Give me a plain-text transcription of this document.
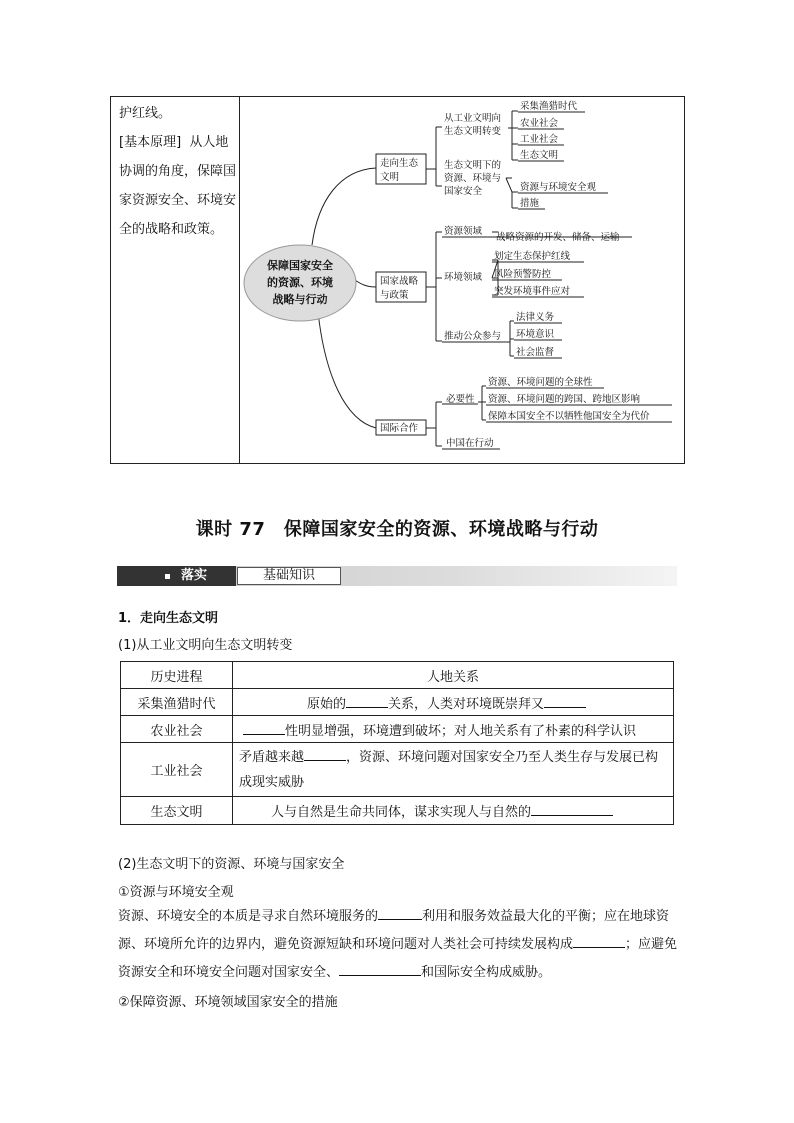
护红线。

[基本原理] 从人地协调的角度，保障国家资源安全、环境安全的战略和政策。

保障国家安全
的资源、环境
战略与行动
走向生态
文明
从工业文明向
生态文明转变
采集渔猎时代
农业社会
工业社会
生态文明
生态文明下的
资源、环境与
国家安全	资源与环境安全观
措施
国家战略
与政策
资源领域
战略资源的开发、储备、运输
环境领域
划定生态保护红线
风险预警防控
突发环境事件应对
推动公众参与
法律义务
环境意识
社会监督
国际合作
必要性
资源、环境问题的全球性
资源、环境问题的跨国、跨地区影响
保障本国安全不以牺牲他国安全为代价
中国在行动
课时 77　保障国家安全的资源、环境战略与行动
落实	基础知识
1．走向生态文明
(1)从工业文明向生态文明转变
历史进程	人地关系
采集渔猎时代	原始的 关系，人类对环境既崇拜又
农业社会	性明显增强，环境遭到破坏；对人地关系有了朴素的科学认识
工业社会	矛盾越来越 ，资源、环境问题对国家安全乃至人类生存与发展已构成现实威胁
生态文明	人与自然是生命共同体，谋求实现人与自然的
(2)生态文明下的资源、环境与国家安全
①资源与环境安全观
资源、环境安全的本质是寻求自然环境服务的	利用和服务效益最大化的平衡；应在地球资源、环境所允许的边界内，避免资源短缺和环境问题对人类社会可持续发展构成	；应避免资源安全和环境安全问题对国家安全、	和国际安全构成威胁。
②保障资源、环境领域国家安全的措施
